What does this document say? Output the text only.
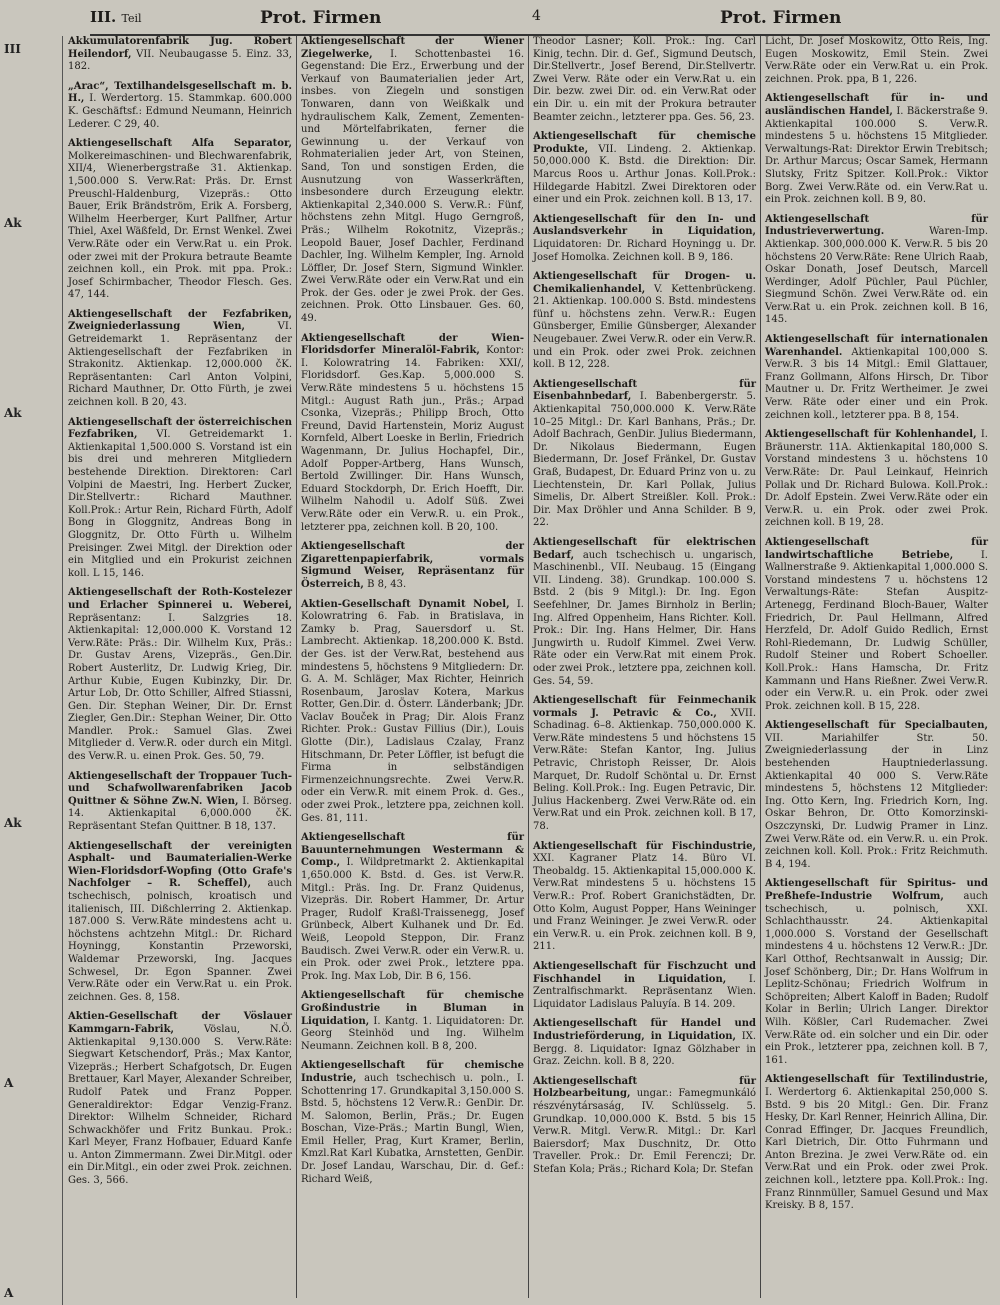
III. Teil	Prot. Firmen	4	Prot. Firmen
III
Ak
Ak
Ak
A
A

Akkumulatorenfabrik Jug. Robert Heilendorf, VII. Neubaugasse 5. Einz. 33, 182.

„Arac“, Textilhandelsgesellschaft m. b. H., I. Werdertorg. 15. Stammkap. 600.000 K. Geschäftsf.: Edmund Neumann, Heinrich Lederer. C 29, 40.

Aktiengesellschaft Alfa Separator, Molkereimaschinen- und Blechwarenfabrik, XII/4, Wienerbergstraße 31. Aktienkap. 1,500.000 S. Verw.Rat: Präs. Dr. Ernst Preuschl-Haldenburg, Vizepräs.: Otto Bauer, Erik Brändström, Erik A. Forsberg, Wilhelm Heerberger, Kurt Pallfner, Artur Thiel, Axel Wäßfeld, Dr. Ernst Wenkel. Zwei Verw.Räte oder ein Verw.Rat u. ein Prok. oder zwei mit der Prokura betraute Beamte zeichnen koll., ein Prok. mit ppa. Prok.: Josef Schirmbacher, Theodor Flesch. Ges. 47, 144.

Aktiengesellschaft der Fezfabriken, Zweigniederlassung Wien,	VI. Getreidemarkt 1. Repräsentanz der Aktiengesellschaft der Fezfabriken in Strakonitz. Aktienkap. 12,000.000 čK. Repräsentanten: Carl Anton Volpini, Richard Mauthner, Dr. Otto Fürth, je zwei zeichnen koll. B 20, 43.

Aktiengesellschaft der österreichischen Fezfabriken, VI. Getreidemarkt 1. Aktienkapital 1,500.000 S. Vorstand ist ein bis drei und mehreren Mitgliedern bestehende Direktion. Direktoren: Carl Volpini de Maestri, Ing. Herbert Zucker, Dir.Stellvertr.: Richard Mauthner. Koll.Prok.: Artur Rein, Richard Fürth, Adolf Bong in Gloggnitz, Andreas Bong in Gloggnitz, Dr. Otto Fürth u. Wilhelm Preisinger. Zwei Mitgl. der Direktion oder ein Mitglied und ein Prokurist zeichnen koll. L 15, 146.

Aktiengesellschaft der Roth-Kostelezer und Erlacher Spinnerei u. Weberei, Repräsentanz: I. Salzgries 18. Aktienkapital: 12,000.000 K. Vorstand 12 Verw.Räte: Präs.: Dir. Wilhelm Kux, Präs.: Dr. Gustav Arens, Vizepräs., Gen.Dir. Robert Austerlitz, Dr. Ludwig Krieg, Dir. Arthur Kubie, Eugen Kubinzky, Dir. Dr. Artur Lob, Dr. Otto Schiller, Alfred Stiassni, Gen. Dir. Stephan Weiner, Dir. Dr. Ernst Ziegler, Gen.Dir.: Stephan Weiner, Dir. Otto Mandler. Prok.: Samuel Glas. Zwei Mitglieder d. Verw.R. oder durch ein Mitgl. des Verw.R. u. einen Prok. Ges. 50, 79.

Aktiengesellschaft der Troppauer Tuch- und Schafwollwarenfabriken Jacob Quittner & Söhne Zw.N. Wien, I. Börseg. 14. Aktienkapital 6,000.000 čK. Repräsentant Stefan Quittner. B 18, 137.

Aktiengesellschaft der vereinigten Asphalt- und Baumaterialien-Werke Wien-Floridsdorf-Wopfing (Otto Grafe's Nachfolger – R. Scheffel), auch tschechisch, polnisch, kroatisch und italienisch, III. Dißchlerring 2. Aktienkap. 187.000 S. Verw.Räte mindestens acht u. höchstens achtzehn Mitgl.: Dr. Richard Hoyningg, Konstantin Przeworski, Waldemar Przeworski, Ing. Jacques Schwesel, Dr. Egon Spanner. Zwei Verw.Räte oder ein Verw.Rat u. ein Prok. zeichnen. Ges. 8, 158.

Aktien-Gesellschaft der Vöslauer Kammgarn-Fabrik,	Vöslau, N.Ö. Aktienkapital 9,130.000 S. Verw.Räte: Siegwart Ketschendorf, Präs.; Max Kantor, Vizepräs.; Herbert Schafgotsch, Dr. Eugen Brettauer, Karl Mayer, Alexander Schreiber, Rudolf Patek und Franz Popper. Generaldirektor: Edgar Venzig-Franz. Direktor: Wilhelm Schneider, Richard Schwackhöfer und Fritz Bunkau. Prok.: Karl Meyer, Franz Hofbauer, Eduard Kanfe u. Anton Zimmermann. Zwei Dir.Mitgl. oder ein Dir.Mitgl., ein oder zwei Prok. zeichnen. Ges. 3, 566.

Aktiengesellschaft der Wiener Ziegelwerke, I. Schottenbastei 16. Gegenstand: Die Erz., Erwerbung und der Verkauf von Baumaterialien jeder Art, insbes. von Ziegeln und sonstigen Tonwaren, dann von Weißkalk und hydraulischem Kalk, Zement, Zementen- und Mörtelfabrikaten, ferner die Gewinnung u. der Verkauf von Rohmaterialien jeder Art, von Steinen, Sand, Ton und sonstigen Erden, die Ausnutzung von Wasserkräften, insbesondere durch Erzeugung elektr. Aktienkapital 2,340.000 S. Verw.R.: Fünf, höchstens zehn Mitgl. Hugo Gerngroß, Präs.; Wilhelm Rokotnitz, Vizepräs.; Leopold Bauer, Josef Dachler, Ferdinand Dachler, Ing. Wilhelm Kempler, Ing. Arnold Löffler, Dr. Josef Stern, Sigmund Winkler. Zwei Verw.Räte oder ein Verw.Rat und ein Prok. der Ges. oder je zwei Prok. der Ges. zeichnen. Prok. Otto Linsbauer. Ges. 60, 49.

Aktiengesellschaft der Wien-Floridsdorfer Mineralöl-Fabrik, Kontor: I. Kolowratring 14. Fabriken: XXI/, Floridsdorf. Ges.Kap. 5,000.000 S. Verw.Räte mindestens 5 u. höchstens 15 Mitgl.: August Rath jun., Präs.; Arpad Csonka, Vizepräs.; Philipp Broch, Otto Freund, David Hartenstein, Moriz August Kornfeld, Albert Loeske in Berlin, Friedrich Wagenmann, Dr. Julius Hochapfel, Dir., Adolf Popper-Artberg, Hans Wunsch, Bertold Zwillinger. Dir. Hans Wunsch, Eduard Stockdorph, Dr. Erich Hoefft, Dir. Wilhelm Nahodil u. Adolf Süß. Zwei Verw.Räte oder ein Verw.R. u. ein Prok., letzterer ppa, zeichnen koll. B 20, 100.

Aktiengesellschaft der Zigarettenpapierfabrik, vormals Sigmund Weiser, Repräsentanz für Österreich, B 8, 43.

Aktien-Gesellschaft Dynamit Nobel, I. Kolowratring 6. Fab. in Bratislava, in Zamky b. Prag, Sauersdorf u. St. Lambrecht. Aktienkap. 18,200.000 K. Bstd. der Ges. ist der Verw.Rat, bestehend aus mindestens 5, höchstens 9 Mitgliedern: Dr. G. A. M. Schläger, Max Richter, Heinrich Rosenbaum, Jaroslav Kotera, Markus Rotter, Gen.Dir. d. Österr. Länderbank; JDr. Vaclav Bouček in Prag; Dir. Alois Franz Richter. Prok.: Gustav Fillius (Dir.), Louis Glotte (Dir.), Ladislaus Czalay, Franz Hitschmann, Dr. Peter Löffler, ist befugt die Firma in selbständigen Firmenzeichnungsrechte. Zwei Verw.R. oder ein Verw.R. mit einem Prok. d. Ges., oder zwei Prok., letztere ppa, zeichnen koll. Ges. 81, 111.

Aktiengesellschaft für Bauunternehmungen Westermann & Comp., I. Wildpretmarkt 2. Aktienkapital 1,650.000 K. Bstd. d. Ges. ist Verw.R. Mitgl.: Präs. Ing. Dr. Franz Quidenus, Vizepräs. Dir. Robert Hammer, Dr. Artur Prager, Rudolf Kraßl-Traissenegg, Josef Grünbeck, Albert Kulhanek und Dr. Ed. Weiß, Leopold Steppon, Dir. Franz Baudisch. Zwei Verw.R. oder ein Verw.R. u. ein Prok. oder zwei Prok., letztere ppa. Prok. Ing. Max Lob, Dir. B 6, 156.

Aktiengesellschaft für chemische Großindustrie in Bluman in Liquidation, I. Kantg. 1. Liquidatoren: Dr. Georg Steinhöd und Ing. Wilhelm Neumann. Zeichnen koll. B 8, 200.

Aktiengesellschaft für chemische Industrie, auch tschechisch u. poln., I. Schottenring 17. Grundkapital 3,150.000 S. Bstd. 5, höchstens 12 Verw.R.: GenDir. Dr. M. Salomon, Berlin, Präs.; Dr. Eugen Boschan, Vize-Präs.; Martin Bungl, Wien, Emil Heller, Prag, Kurt Kramer, Berlin, Kmzl.Rat Karl Kubatka, Arnstetten, GenDir. Dr. Josef Landau, Warschau, Dir. d. Gef.: Richard Weiß,

Theodor Lasner; Koll. Prok.: Ing. Carl Kinig, techn. Dir. d. Gef., Sigmund Deutsch, Dir.Stellvertr., Josef Berend, Dir.Stellvertr. Zwei Verw. Räte oder ein Verw.Rat u. ein Dir. bezw. zwei Dir. od. ein Verw.Rat oder ein Dir. u. ein mit der Prokura betrauter Beamter zeichn., letzterer ppa. Ges. 56, 23.

Aktiengesellschaft für chemische Produkte, VII. Lindeng. 2. Aktienkap. 50,000.000 K. Bstd. die Direktion: Dir. Marcus Roos u. Arthur Jonas. Koll.Prok.: Hildegarde Habitzl. Zwei Direktoren oder einer und ein Prok. zeichnen koll. B 13, 17.

Aktiengesellschaft für den In- und Auslandsverkehr in Liquidation, Liquidatoren: Dr. Richard Hoyningg u. Dr. Josef Homolka. Zeichnen koll. B 9, 186.

Aktiengesellschaft für Drogen- u. Chemikalienhandel, V. Kettenbrückeng. 21. Aktienkap. 100.000 S. Bstd. mindestens fünf u. höchstens zehn. Verw.R.: Eugen Günsberger, Emilie Günsberger, Alexander Neugebauer. Zwei Verw.R. oder ein Verw.R. und ein Prok. oder zwei Prok. zeichnen koll. B 12, 228.

Aktiengesellschaft für Eisenbahnbedarf, I. Babenbergerstr. 5. Aktienkapital 750,000.000 K. Verw.Räte 10–25 Mitgl.: Dr. Karl Banhans, Präs.; Dr. Adolf Bachrach, GenDir. Julius Biedermann, Dr. Nikolaus Biedermann, Eugen Biedermann, Dr. Josef Fränkel, Dr. Gustav Graß, Budapest, Dr. Eduard Prinz von u. zu Liechtenstein, Dr. Karl Pollak, Julius Simelis, Dr. Albert Streißler. Koll. Prok.: Dir. Max Dröhler und Anna Schilder. B 9, 22.

Aktiengesellschaft für elektrischen Bedarf, auch tschechisch u. ungarisch, Maschinenbl., VII. Neubaug. 15 (Eingang VII. Lindeng. 38). Grundkap. 100.000 S. Bstd. 2 (bis 9 Mitgl.): Dr. Ing. Egon Seefehlner, Dr. James Birnholz in Berlin; Ing. Alfred Oppenheim, Hans Richter. Koll. Prok.: Dir. Ing. Hans Helmer, Dir. Hans Jungwirth u. Rudolf Kimmel. Zwei Verw. Räte oder ein Verw.Rat mit einem Prok. oder zwei Prok., letztere ppa, zeichnen koll. Ges. 54, 59.

Aktiengesellschaft für Feinmechanik vormals J. Petravic & Co., XVII. Schadinag. 6–8. Aktienkap. 750,000.000 K. Verw.Räte mindestens 5 und höchstens 15 Verw.Räte: Stefan Kantor, Ing. Julius Petravic, Christoph Reisser, Dr. Alois Marquet, Dr. Rudolf Schöntal u. Dr. Ernst Beling. Koll.Prok.: Ing. Eugen Petravic, Dir. Julius Hackenberg. Zwei Verw.Räte od. ein Verw.Rat und ein Prok. zeichnen koll. B 17, 78.

Aktiengesellschaft für Fischindustrie, XXI. Kagraner Platz 14. Büro VI. Theobaldg. 15. Aktienkapital 15,000.000 K. Verw.Rat mindestens 5 u. höchstens 15 Verw.R.: Prof. Robert Granichstädten, Dr. Otto Kolm, August Popper, Hans Weininger und Franz Weininger. Je zwei Verw.R. oder ein Verw.R. u. ein Prok. zeichnen koll. B 9, 211.

Aktiengesellschaft für Fischzucht und Fischhandel in Liquidation, I. Zentralfischmarkt. Repräsentanz Wien. Liquidator Ladislaus Paluyía. B 14. 209.

Aktiengesellschaft für Handel und Industrieförderung, in Liquidation, IX. Bergg. 8. Liquidator: Ignaz Gölzhaber in Graz. Zeichn. koll. B 8, 220.

Aktiengesellschaft für Holzbearbeitung, ungar.: Famegmunkáló részvénytársaság, IV. Schlüsselg. 5. Grundkap. 10,000.000 K. Bstd. 5 bis 15 Verw.R. Mitgl. Verw.R. Mitgl.: Dr. Karl Baiersdorf; Max Duschnitz, Dr. Otto Traveller. Prok.: Dr. Emil Ferenczi; Dr. Stefan Kola; Präs.; Richard Kola; Dr. Stefan

Licht, Dr. Josef Moskowitz, Otto Reis, Ing. Eugen Moskowitz, Emil Stein. Zwei Verw.Räte oder ein Verw.Rat u. ein Prok. zeichnen. Prok. ppa, B 1, 226.

Aktiengesellschaft für in- und ausländischen Handel, I. Bäckerstraße 9. Aktienkapital 100.000 S. Verw.R. mindestens 5 u. höchstens 15 Mitglieder. Verwaltungs-Rat: Direktor Erwin Trebitsch; Dr. Arthur Marcus; Oscar Samek, Hermann Slutsky, Fritz Spitzer. Koll.Prok.: Viktor Borg. Zwei Verw.Räte od. ein Verw.Rat u. ein Prok. zeichnen koll. B 9, 80.

Aktiengesellschaft für Industrieverwertung.	Waren-Imp. Aktienkap. 300,000.000 K. Verw.R. 5 bis 20 höchstens 20 Verw.Räte: Rene Ulrich Raab, Oskar Donath, Josef Deutsch, Marcell Werdinger, Adolf Püchler, Paul Püchler, Siegmund Schön. Zwei Verw.Räte od. ein Verw.Rat u. ein Prok. zeichnen koll. B 16, 145.

Aktiengesellschaft für internationalen Warenhandel. Aktienkapital 100,000 S. Verw.R. 3 bis 14 Mitgl.: Emil Glattauer, Franz Gollmann, Alfons Hirsch, Dr. Tibor Mautner u. Dr. Fritz Wertheimer. Je zwei Verw. Räte oder einer und ein Prok. zeichnen koll., letzterer ppa. B 8, 154.

Aktiengesellschaft für Kohlenhandel, I. Bräunerstr. 11A. Aktienkapital 180,000 S. Vorstand mindestens 3 u. höchstens 10 Verw.Räte: Dr. Paul Leinkauf, Heinrich Pollak und Dr. Richard Bulowa. Koll.Prok.: Dr. Adolf Epstein. Zwei Verw.Räte oder ein Verw.R. u. ein Prok. oder zwei Prok. zeichnen koll. B 19, 28.

Aktiengesellschaft für landwirtschaftliche Betriebe,	I. Wallnerstraße 9. Aktienkapital 1,000.000 S. Vorstand mindestens 7 u. höchstens 12 Verwaltungs-Räte: Stefan Auspitz-Artenegg, Ferdinand Bloch-Bauer, Walter Friedrich, Dr. Paul Hellmann, Alfred Herzfeld, Dr. Adolf Guido Redlich, Ernst Rohl-Riedemann, Dr. Ludwig Schüller, Rudolf Steiner und Robert Schoeller. Koll.Prok.: Hans Hamscha, Dr. Fritz Kammann und Hans Rießner. Zwei Verw.R. oder ein Verw.R. u. ein Prok. oder zwei Prok. zeichnen koll. B 15, 228.

Aktiengesellschaft für Specialbauten, VII. Mariahilfer Str. 50. Zweigniederlassung der in Linz bestehenden Hauptniederlassung. Aktienkapital 40 000 S. Verw.Räte mindestens 5, höchstens 12 Mitglieder: Ing. Otto Kern, Ing. Friedrich Korn, Ing. Oskar Behron, Dr. Otto Komorzinski-Oszczynski, Dr. Ludwig Pramer in Linz. Zwei Verw.Räte od. ein Verw.R. u. ein Prok. zeichnen koll. Koll. Prok.: Fritz Reichmuth. B 4, 194.

Aktiengesellschaft für Spiritus- und Preßhefe-Industrie Wolfrum, auch tschechisch, u. polnisch, XXI. Schlachthausstr. 24. Aktienkapital 1,000.000 S. Vorstand der Gesellschaft mindestens 4 u. höchstens 12 Verw.R.: JDr. Karl Otthof, Rechtsanwalt in Aussig; Dir. Josef Schönberg, Dir.; Dr. Hans Wolfrum in Leplitz-Schönau; Friedrich Wolfrum in Schöpreiten; Albert Kaloff in Baden; Rudolf Kolar in Berlin; Ulrich Langer. Direktor Wilh. Kößler, Carl Rudemacher. Zwei Verw.Räte od. ein solcher und ein Dir. oder ein Prok., letzterer ppa, zeichnen koll. B 7, 161.

Aktiengesellschaft für Textilindustrie, I. Werdertorg 6. Aktienkapital 250,000 S. Bstd. 9 bis 20 Mitgl.: Gen. Dir. Franz Hesky, Dr. Karl Renner, Heinrich Allina, Dir. Conrad Effinger, Dr. Jacques Freundlich, Karl Dietrich, Dir. Otto Fuhrmann und Anton Brezina. Je zwei Verw.Räte od. ein Verw.Rat und ein Prok. oder zwei Prok. zeichnen koll., letztere ppa. Koll.Prok.: Ing. Franz Rinnmüller, Samuel Gesund und Max Kreisky. B 8, 157.
